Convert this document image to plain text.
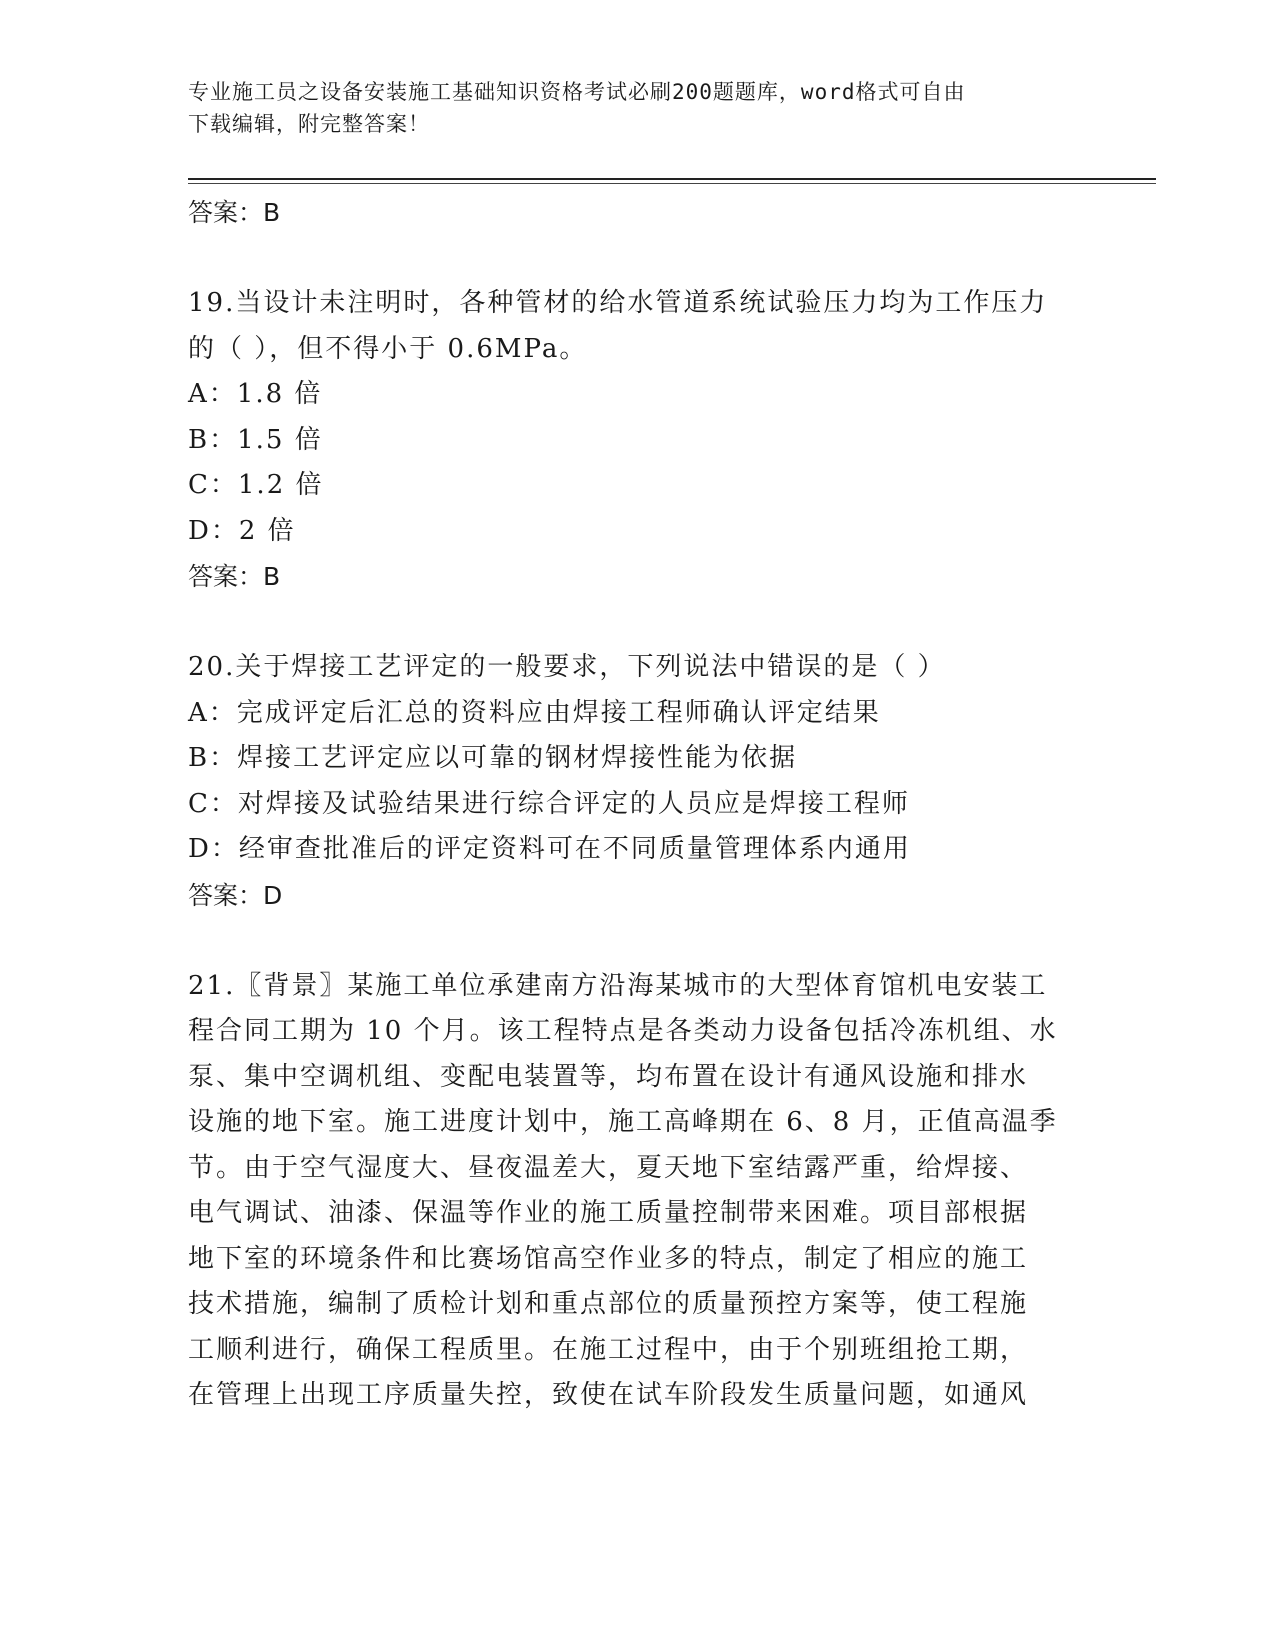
专业施工员之设备安装施工基础知识资格考试必刷200题题库，word格式可自由
下载编辑，附完整答案！
答案：B
19.当设计未注明时，各种管材的给水管道系统试验压力均为工作压力
的（ ），但不得小于 0.6MPa。
A：1.8 倍
B：1.5 倍
C：1.2 倍
D：2 倍
答案：B
20.关于焊接工艺评定的一般要求，下列说法中错误的是（ ）
A：完成评定后汇总的资料应由焊接工程师确认评定结果
B：焊接工艺评定应以可靠的钢材焊接性能为依据
C：对焊接及试验结果进行综合评定的人员应是焊接工程师
D：经审查批准后的评定资料可在不同质量管理体系内通用
答案：D
21.〖背景〗某施工单位承建南方沿海某城市的大型体育馆机电安装工
程合同工期为 10 个月。该工程特点是各类动力设备包括冷冻机组、水
泵、集中空调机组、变配电装置等，均布置在设计有通风设施和排水
设施的地下室。施工进度计划中，施工高峰期在 6、8 月，正值高温季
节。由于空气湿度大、昼夜温差大，夏天地下室结露严重，给焊接、
电气调试、油漆、保温等作业的施工质量控制带来困难。项目部根据
地下室的环境条件和比赛场馆高空作业多的特点，制定了相应的施工
技术措施，编制了质检计划和重点部位的质量预控方案等，使工程施
工顺利进行，确保工程质里。在施工过程中，由于个别班组抢工期，
在管理上出现工序质量失控，致使在试车阶段发生质量问题，如通风
